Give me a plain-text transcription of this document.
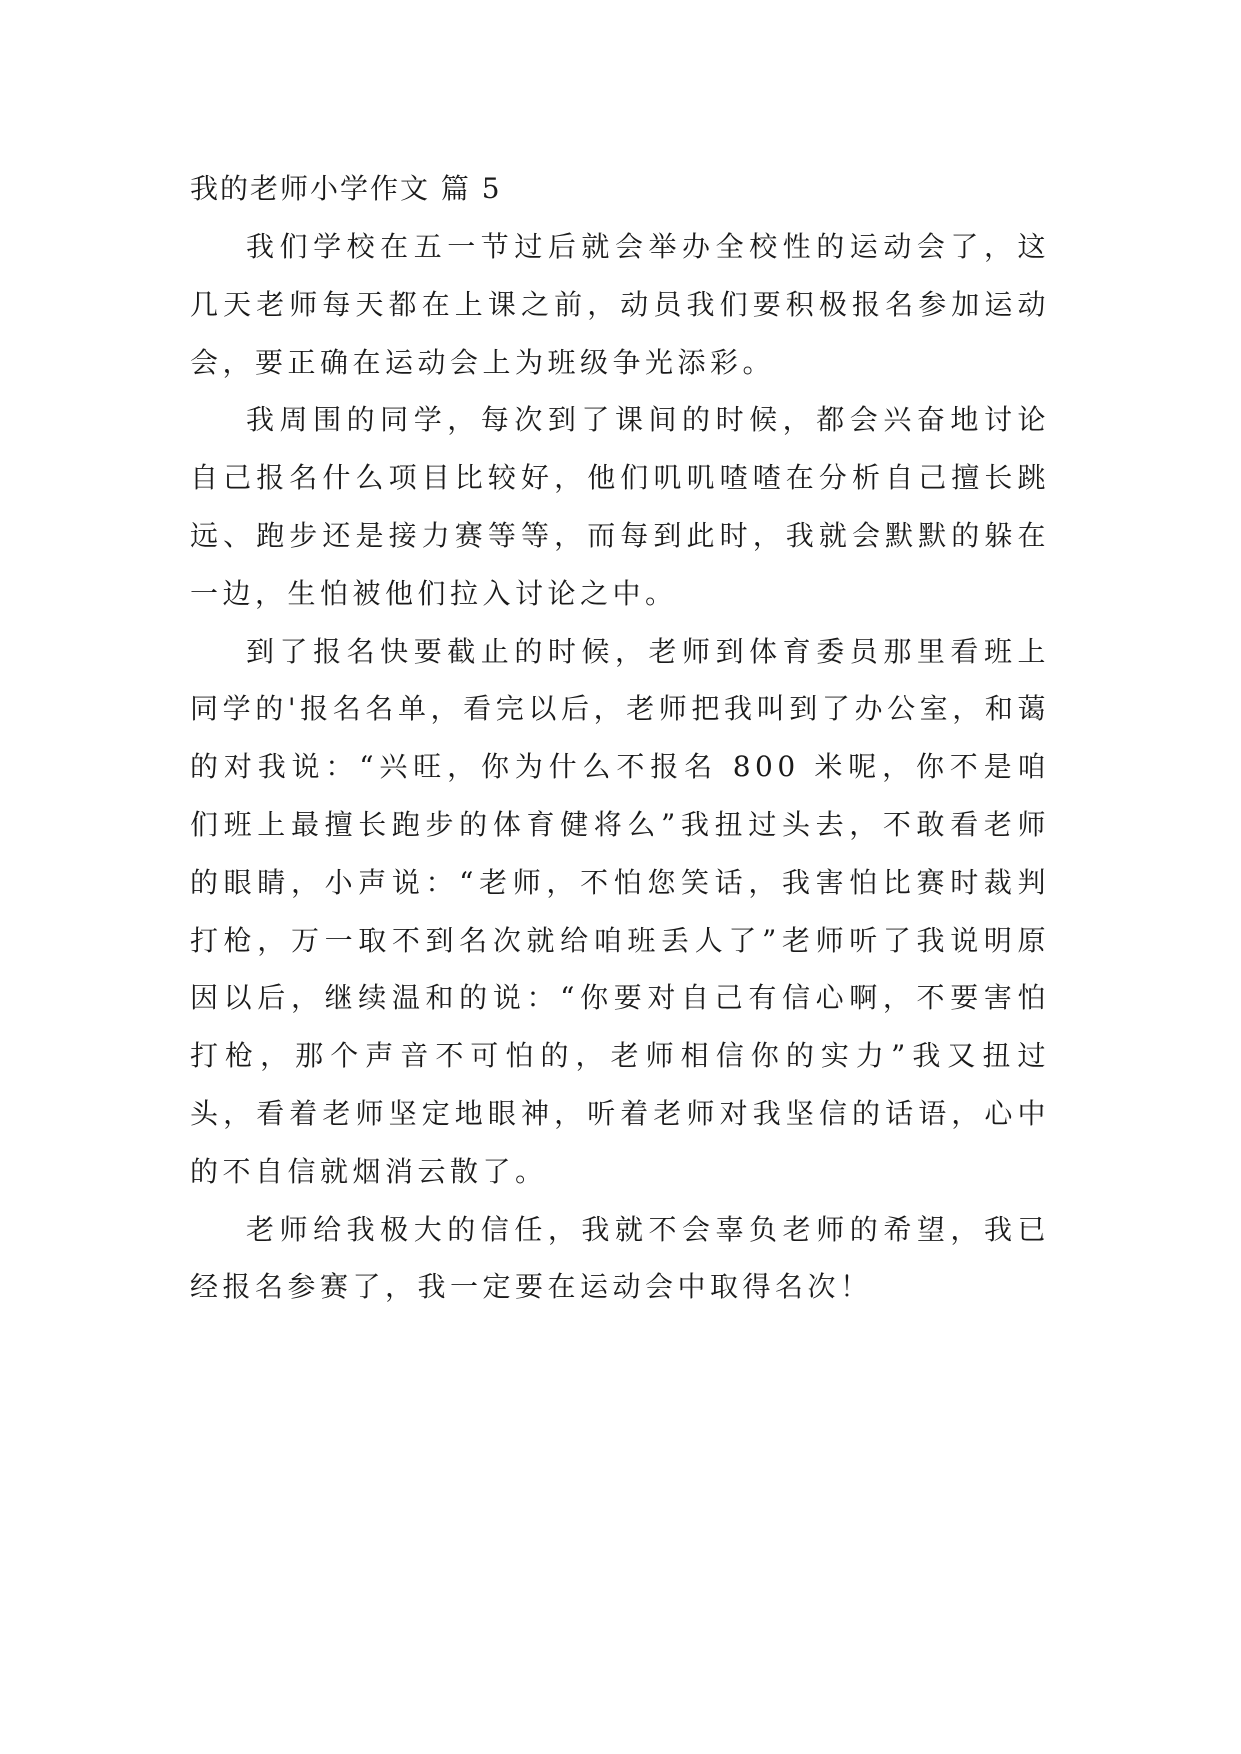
我的老师小学作文 篇 5

我们学校在五一节过后就会举办全校性的运动会了，这几天老师每天都在上课之前，动员我们要积极报名参加运动会，要正确在运动会上为班级争光添彩。

我周围的同学，每次到了课间的时候，都会兴奋地讨论自己报名什么项目比较好，他们叽叽喳喳在分析自己擅长跳远、跑步还是接力赛等等，而每到此时，我就会默默的躲在一边，生怕被他们拉入讨论之中。

到了报名快要截止的时候，老师到体育委员那里看班上同学的'报名名单，看完以后，老师把我叫到了办公室，和蔼的对我说：“兴旺，你为什么不报名 800 米呢，你不是咱们班上最擅长跑步的体育健将么”我扭过头去，不敢看老师的眼睛，小声说：“老师，不怕您笑话，我害怕比赛时裁判打枪，万一取不到名次就给咱班丢人了”老师听了我说明原因以后，继续温和的说：“你要对自己有信心啊，不要害怕打枪，那个声音不可怕的，老师相信你的实力”我又扭过头，看着老师坚定地眼神，听着老师对我坚信的话语，心中的不自信就烟消云散了。

老师给我极大的信任，我就不会辜负老师的希望，我已经报名参赛了，我一定要在运动会中取得名次！
